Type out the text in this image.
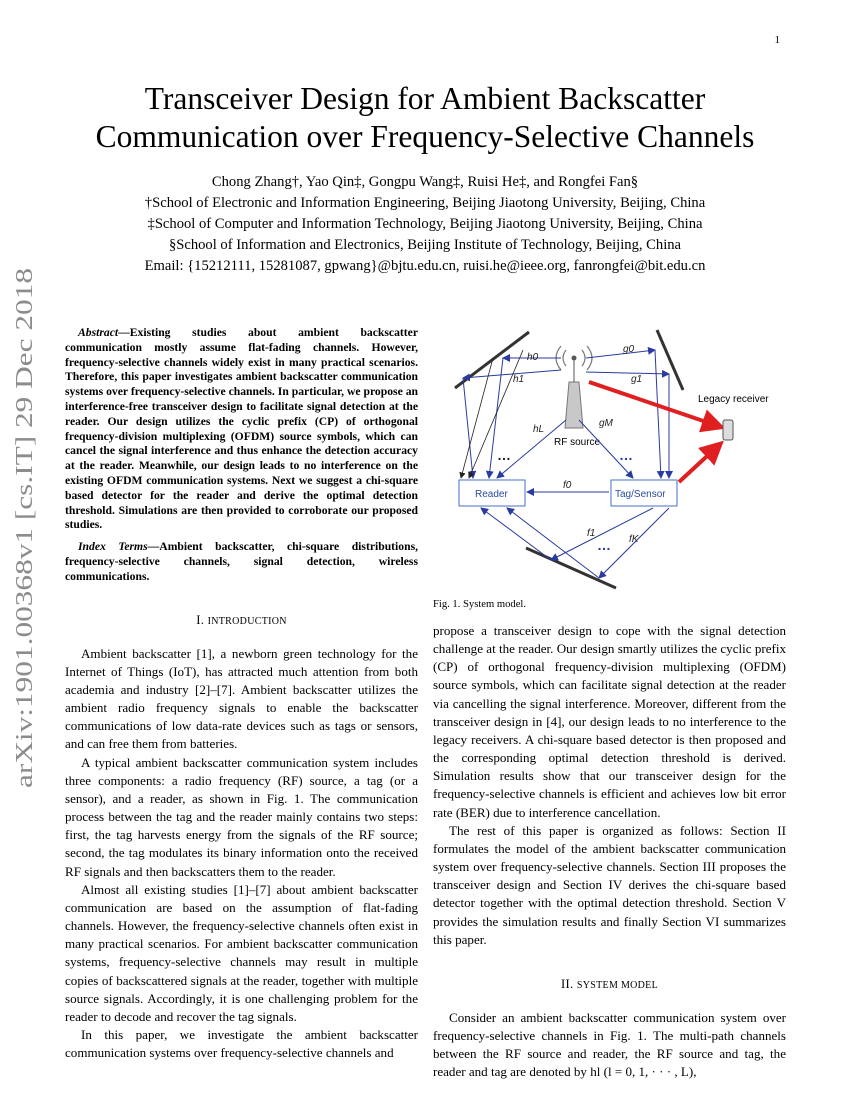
1
arXiv:1901.00368v1 [cs.IT] 29 Dec 2018
Transceiver Design for Ambient Backscatter
Communication over Frequency-Selective Channels
Chong Zhang†, Yao Qin‡, Gongpu Wang‡, Ruisi He‡, and Rongfei Fan§
†School of Electronic and Information Engineering, Beijing Jiaotong University, Beijing, China
‡School of Computer and Information Technology, Beijing Jiaotong University, Beijing, China
§School of Information and Electronics, Beijing Institute of Technology, Beijing, China
Email: {15212111, 15281087, gpwang}@bjtu.edu.cn, ruisi.he@ieee.org, fanrongfei@bit.edu.cn

Abstract—Existing studies about ambient backscatter communication mostly assume flat-fading channels. However, frequency-selective channels widely exist in many practical scenarios. Therefore, this paper investigates ambient backscatter communication systems over frequency-selective channels. In particular, we propose an interference-free transceiver design to facilitate signal detection at the reader. Our design utilizes the cyclic prefix (CP) of orthogonal frequency-division multiplexing (OFDM) source symbols, which can cancel the signal interference and thus enhance the detection accuracy at the reader. Meanwhile, our design leads to no interference on the existing OFDM communication systems. Next we suggest a chi-square based detector for the reader and derive the optimal detection threshold. Simulations are then provided to corroborate our proposed studies.

Index Terms—Ambient backscatter, chi-square distributions, frequency-selective channels, signal detection, wireless communications.

I. INTRODUCTION

Ambient backscatter [1], a newborn green technology for the Internet of Things (IoT), has attracted much attention from both academia and industry [2]–[7]. Ambient backscatter utilizes the ambient radio frequency signals to enable the backscatter communications of low data-rate devices such as tags or sensors, and can free them from batteries.

A typical ambient backscatter communication system includes three components: a radio frequency (RF) source, a tag (or a sensor), and a reader, as shown in Fig. 1. The communication process between the tag and the reader mainly contains two steps: first, the tag harvests energy from the signals of the RF source; second, the tag modulates its binary information onto the received RF signals and then backscatters them to the reader.

Almost all existing studies [1]–[7] about ambient backscatter communication are based on the assumption of flat-fading channels. However, the frequency-selective channels often exist in many practical scenarios. For ambient backscatter communication systems, frequency-selective channels may result in multiple copies of backscattered signals at the reader, together with multiple source signals. Accordingly, it is one challenging problem for the reader to decode and recover the tag signals.

In this paper, we investigate the ambient backscatter communication systems over frequency-selective channels and

RF source
Reader	Tag/Sensor
Legacy receiver
h0
h1
hL
g0
g1
gM
f0
f1
fK
…	…
…
Fig. 1. System model.

propose a transceiver design to cope with the signal detection challenge at the reader. Our design smartly utilizes the cyclic prefix (CP) of orthogonal frequency-division multiplexing (OFDM) source symbols, which can facilitate signal detection at the reader via cancelling the signal interference. Moreover, different from the transceiver design in [4], our design leads to no interference to the legacy receivers. A chi-square based detector is then proposed and the corresponding optimal detection threshold is derived. Simulation results show that our transceiver design for the frequency-selective channels is efficient and achieves low bit error rate (BER) due to interference cancellation.

The rest of this paper is organized as follows: Section II formulates the model of the ambient backscatter communication system over frequency-selective channels. Section III proposes the transceiver design and Section IV derives the chi-square based detector together with the optimal detection threshold. Section V provides the simulation results and finally Section VI summarizes this paper.

II. SYSTEM MODEL

Consider an ambient backscatter communication system over frequency-selective channels in Fig. 1. The multi-path channels between the RF source and reader, the RF source and tag, the reader and tag are denoted by hl (l = 0, 1, · · · , L),
